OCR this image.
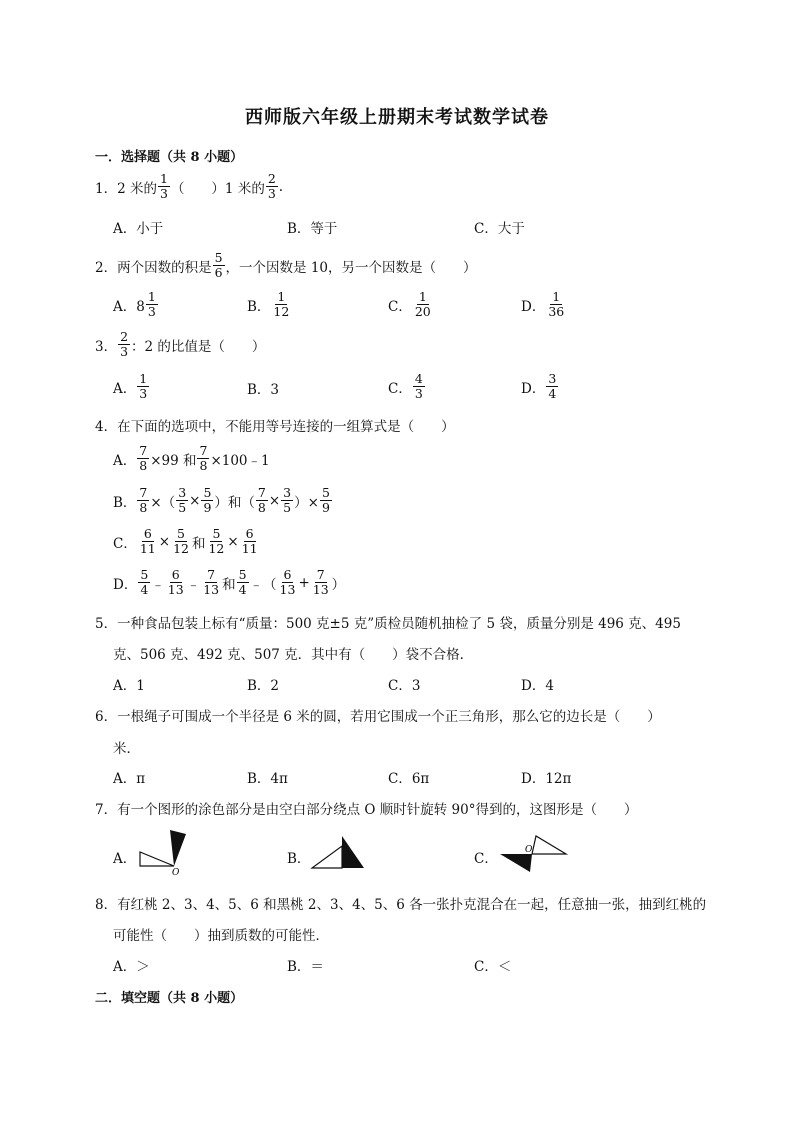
西师版六年级上册期末考试数学试卷
一．选择题（共 8 小题）
1． 2 米的
1
3 （　　）1 米的
2
3 .
A．小于	B．等于	C．大于
2． 两个因数的积是
5
6 ，一个因数是 10，另一个因数是（　　）
A．8
1
3	B．
1
12	C．
1
20	D．
1
36
3．
2
3 ：2 的比值是（　　）
A．
1
3	B．3	C．
4
3	D．
3
4
4．在下面的选项中，不能用等号连接的一组算式是（　　）
A． $\frac{7}{8} \times 99$ 和 $\frac{7}{8}$ ×100﹣1
B． $\frac{7}{8}$ ×（ $\frac{3}{5} \times \frac{5}{9}$ ）和（ $\frac{7}{8} \times \frac{3}{5}$ ）× $\frac{5}{9}$
C． $\frac{6}{11} \times \frac{5}{12}$ 和 $\frac{5}{12} \times \frac{6}{11}$
D．
5
4 ﹣
6
13 ﹣
7
13 和
5
4 ﹣（
6
$13 + \frac{7}{13}$ ）
5．一种食品包装上标有“质量：500 克±5 克”质检员随机抽检了 5 袋，质量分别是 496 克、495
克、506 克、492 克、507 克．其中有（　　）袋不合格．
A．1	B．2	C．3	D．4
6．一根绳子可围成一个半径是 6 米的圆，若用它围成一个正三角形，那么它的边长是（　　）
米．
A．π	B．4π	C．6π	D．12π
7．有一个图形的涂色部分是由空白部分绕点 O 顺时针旋转 90°得到的，这图形是（　　）
A．
O
B．	C．
O
8．有红桃 2、3、4、5、6 和黑桃 2、3、4、5、6 各一张扑克混合在一起，任意抽一张，抽到红桃的
可能性（　　）抽到质数的可能性．
A．＞	B．＝	C．＜
二．填空题（共 8 小题）
